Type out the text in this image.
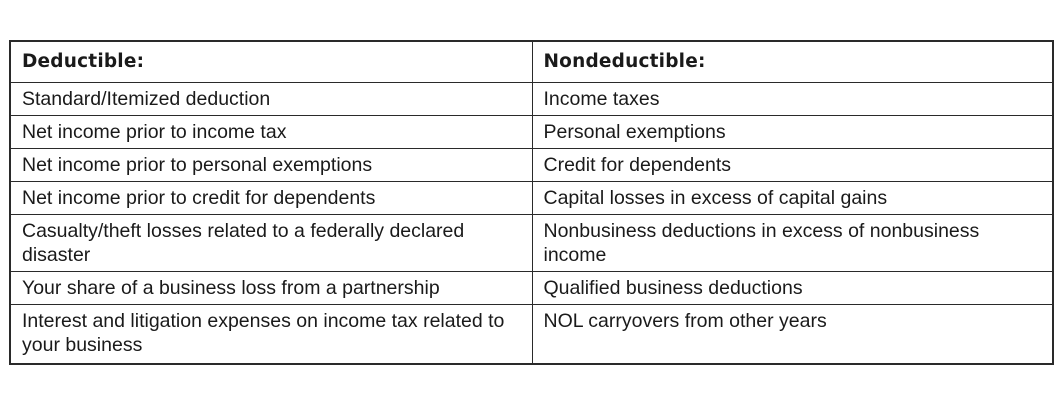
Deductible:	Nondeductible:
Standard/Itemized deduction	Income taxes
Net income prior to income tax	Personal exemptions
Net income prior to personal exemptions	Credit for dependents
Net income prior to credit for dependents	Capital losses in excess of capital gains
Casualty/theft losses related to a federally declared disaster	Nonbusiness deductions in excess of nonbusiness income
Your share of a business loss from a partnership	Qualified business deductions
Interest and litigation expenses on income tax related to your business	NOL carryovers from other years
